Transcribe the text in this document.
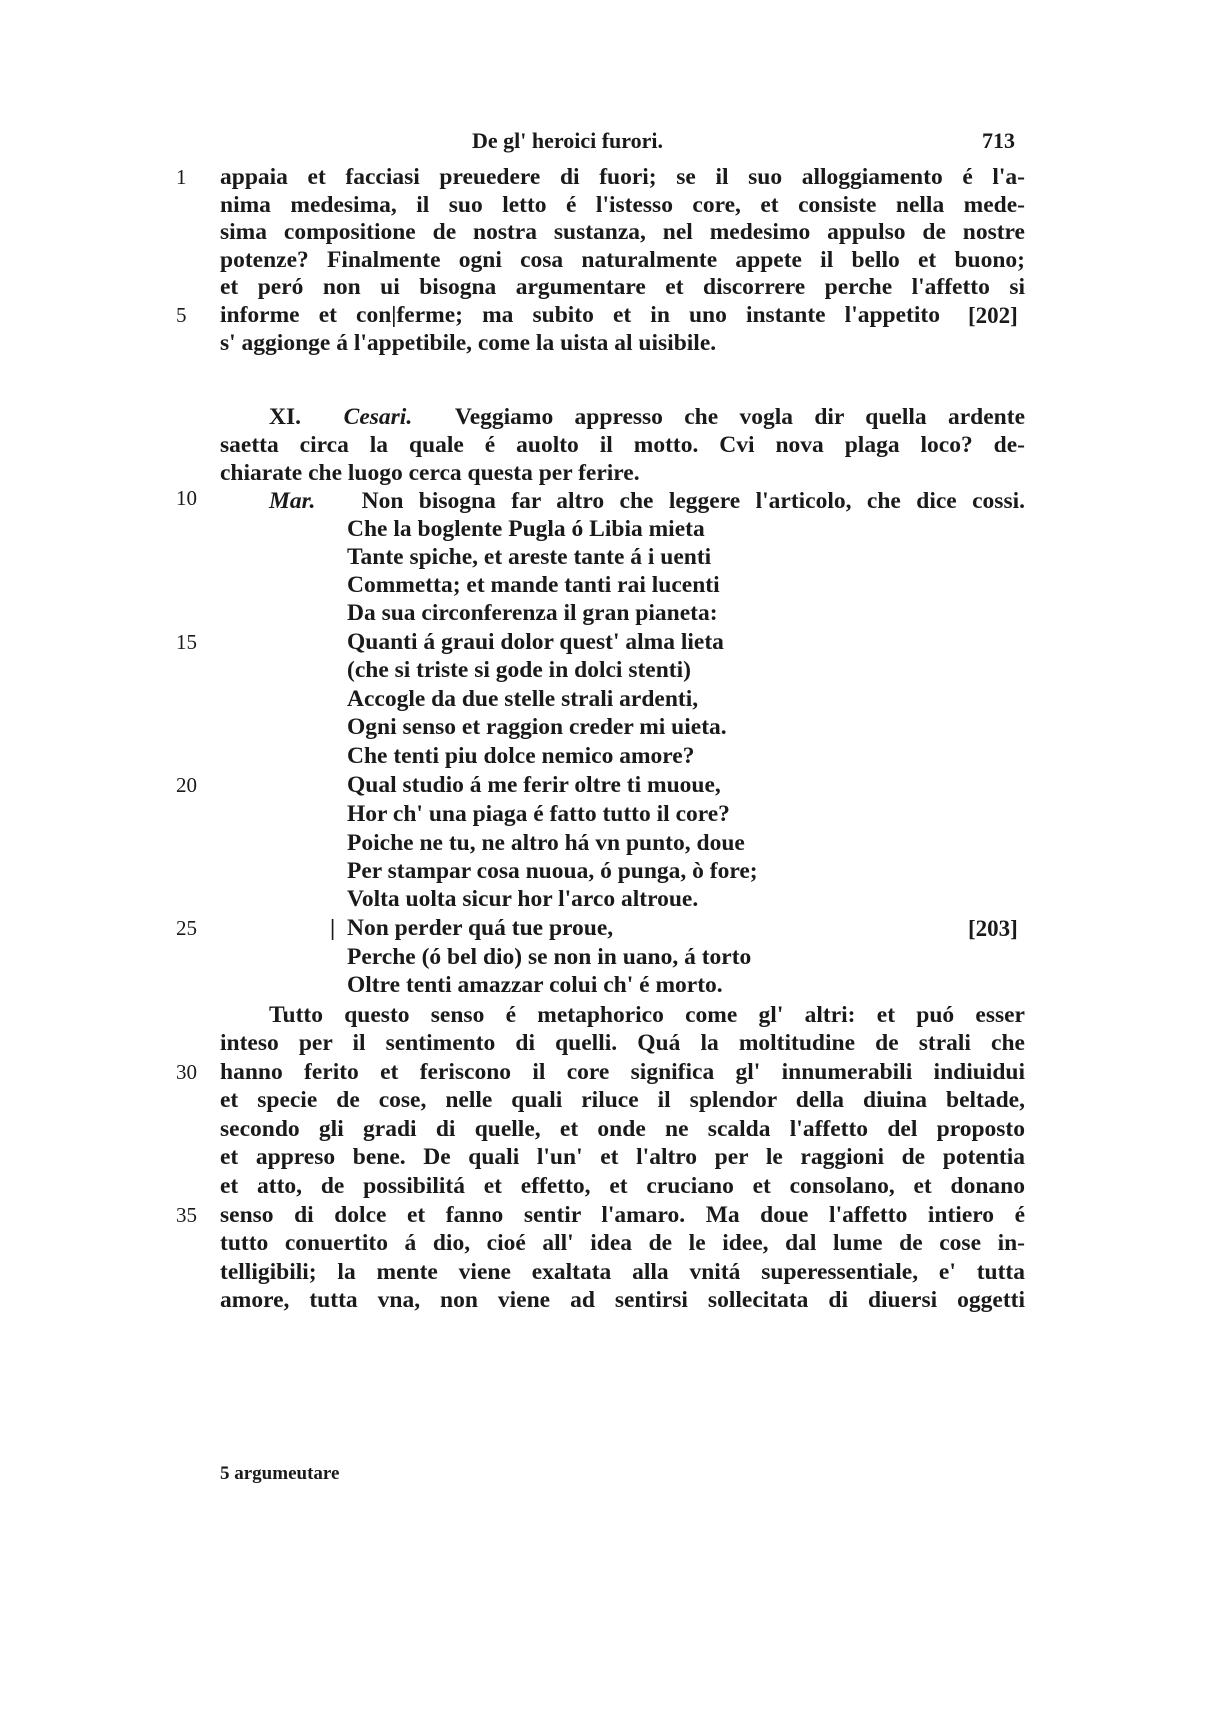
De gl' heroici furori.	713
1
5
10
15
20
25
30
35
appaia et facciasi preuedere di fuori; se il suo alloggiamento é l'a-
nima medesima, il suo letto é l'istesso core, et consiste nella mede-
sima compositione de nostra sustanza, nel medesimo appulso de nostre
potenze? Finalmente ogni cosa naturalmente appete il bello et buono;
et peró non ui bisogna argumentare et discorrere perche l'affetto si
informe et con|ferme; ma subito et in uno instante l'appetito [202]
s' aggionge á l'appetibile, come la uista al uisibile.
XI. Cesari. Veggiamo appresso che vogla dir quella ardente
saetta circa la quale é auolto il motto. Cvi nova plaga loco? de-
chiarate che luogo cerca questa per ferire.
Mar. Non bisogna far altro che leggere l'articolo, che dice cossi.
Che la boglente Pugla ó Libia mieta
Tante spiche, et areste tante á i uenti
Commetta; et mande tanti rai lucenti
Da sua circonferenza il gran pianeta:
Quanti á graui dolor quest' alma lieta
(che si triste si gode in dolci stenti)
Accogle da due stelle strali ardenti,
Ogni senso et raggion creder mi uieta.
Che tenti piu dolce nemico amore?
Qual studio á me ferir oltre ti muoue,
Hor ch' una piaga é fatto tutto il core?
Poiche ne tu, ne altro há vn punto, doue
Per stampar cosa nuoua, ó punga, ò fore;
Volta uolta sicur hor l'arco altroue.
| Non perder quá tue proue,	[203]
Perche (ó bel dio) se non in uano, á torto
Oltre tenti amazzar colui ch' é morto.
Tutto questo senso é metaphorico come gl' altri: et puó esser
inteso per il sentimento di quelli. Quá la moltitudine de strali che
hanno ferito et feriscono il core significa gl' innumerabili indiuidui
et specie de cose, nelle quali riluce il splendor della diuina beltade,
secondo gli gradi di quelle, et onde ne scalda l'affetto del proposto
et appreso bene. De quali l'un' et l'altro per le raggioni de potentia
et atto, de possibilitá et effetto, et cruciano et consolano, et donano
senso di dolce et fanno sentir l'amaro. Ma doue l'affetto intiero é
tutto conuertito á dio, cioé all' idea de le idee, dal lume de cose in-
telligibili; la mente viene exaltata alla vnitá superessentiale, e' tutta
amore, tutta vna, non viene ad sentirsi sollecitata di diuersi oggetti
5 argumeutare
